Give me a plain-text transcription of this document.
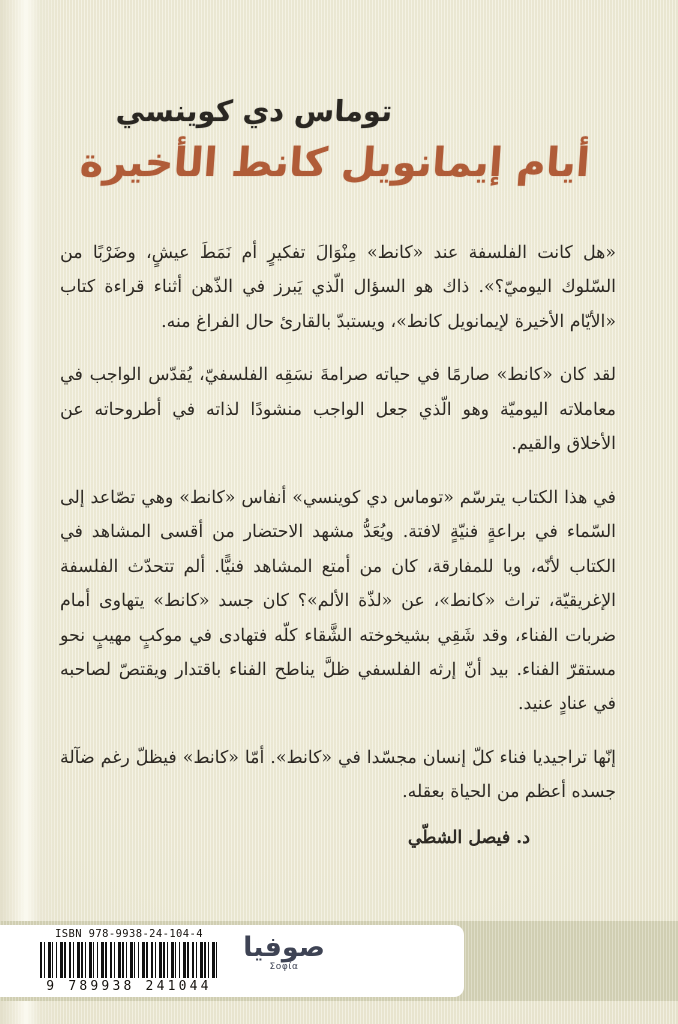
توماس دي كوينسي
أيام إيمانويل كانط الأخيرة

«هل كانت الفلسفة عند «كانط» مِنْوَالَ تفكيرٍ أم نَمَطَ عيشٍ، وضَرْبًا من السّلوك اليوميّ؟». ذاك هو السؤال الّذي يَبرز في الذّهن أثناء قراءة كتاب «الأيّام الأخيرة لإيمانويل كانط»، ويستبدّ بالقارئ حال الفراغ منه.

لقد كان «كانط» صارمًا في حياته صرامةَ نسَقِه الفلسفيّ، يُقدّس الواجب في معاملاته اليوميّة وهو الّذي جعل الواجب منشودًا لذاته في أطروحاته عن الأخلاق والقيم.

في هذا الكتاب يترسّم «توماس دي كوينسي» أنفاس «كانط» وهي تصّاعد إلى السّماء في براعةٍ فنيّةٍ لافتة. ويُعَدُّ مشهد الاحتضار من أقسى المشاهد في الكتاب لأنّه، ويا للمفارقة، كان من أمتع المشاهد فنيًّا. ألم تتحدّث الفلسفة الإغريقيّة، تراث «كانط»، عن «لذّة الألم»؟ كان جسد «كانط» يتهاوى أمام ضربات الفناء، وقد شَقِي بشيخوخته الشَّقاء كلّه فتهادى في موكبٍ مهيبٍ نحو مستقرّ الفناء. بيد أنّ إرثه الفلسفي ظلَّ يناطح الفناء باقتدار ويقتصّ لصاحبه في عنادٍ عنيد.

إنّها تراجيديا فناء كلّ إنسان مجسّدا في «كانط». أمّا «كانط» فيظلّ رغم ضآلة جسده أعظم من الحياة بعقله.

د. فيصل الشطّي
ISBN 978-9938-24-104-4
9 789938 241044
صوفيا
Σοφία
